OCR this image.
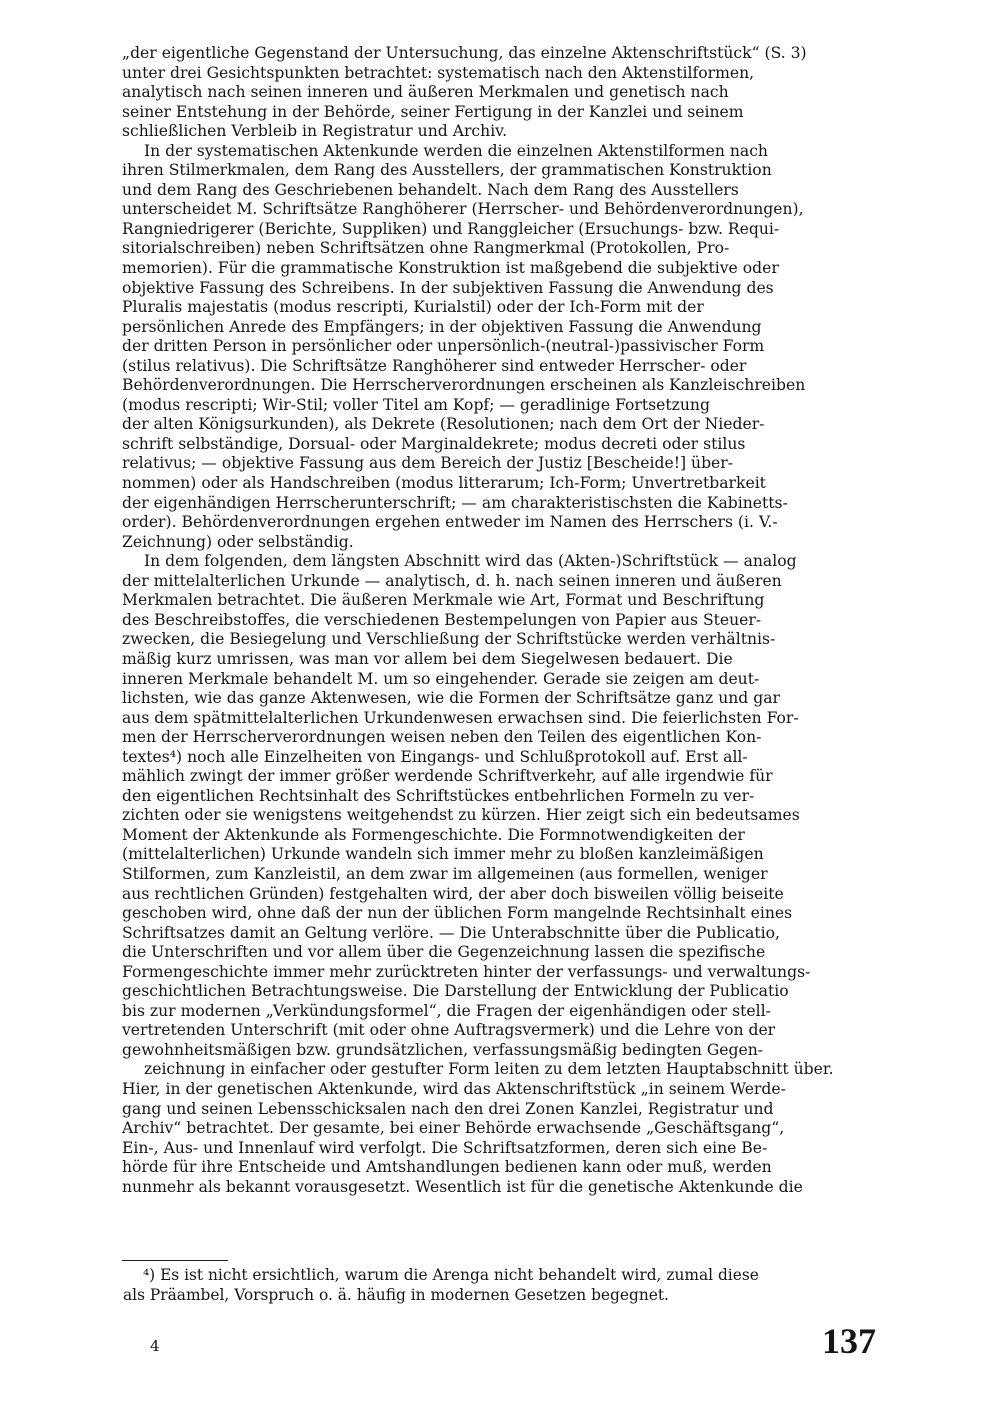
„der eigentliche Gegenstand der Untersuchung, das einzelne Aktenschriftstück“ (S. 3)
unter drei Gesichtspunkten betrachtet: systematisch nach den Aktenstilformen,
analytisch nach seinen inneren und äußeren Merkmalen und genetisch nach
seiner Entstehung in der Behörde, seiner Fertigung in der Kanzlei und seinem
schließlichen Verbleib in Registratur und Archiv.
In der systematischen Aktenkunde werden die einzelnen Aktenstilformen nach
ihren Stilmerkmalen, dem Rang des Ausstellers, der grammatischen Konstruktion
und dem Rang des Geschriebenen behandelt. Nach dem Rang des Ausstellers
unterscheidet M. Schriftsätze Ranghöherer (Herrscher- und Behördenverordnungen),
Rangniedrigerer (Berichte, Suppliken) und Ranggleicher (Ersuchungs- bzw. Requi-
sitorialschreiben) neben Schriftsätzen ohne Rangmerkmal (Protokollen, Pro-
memorien). Für die grammatische Konstruktion ist maßgebend die subjektive oder
objektive Fassung des Schreibens. In der subjektiven Fassung die Anwendung des
Pluralis majestatis (modus rescripti, Kurialstil) oder der Ich-Form mit der
persönlichen Anrede des Empfängers; in der objektiven Fassung die Anwendung
der dritten Person in persönlicher oder unpersönlich-(neutral-)passivischer Form
(stilus relativus). Die Schriftsätze Ranghöherer sind entweder Herrscher- oder
Behördenverordnungen. Die Herrscherverordnungen erscheinen als Kanzleischreiben
(modus rescripti; Wir-Stil; voller Titel am Kopf; — geradlinige Fortsetzung
der alten Königsurkunden), als Dekrete (Resolutionen; nach dem Ort der Nieder-
schrift selbständige, Dorsual- oder Marginaldekrete; modus decreti oder stilus
relativus; — objektive Fassung aus dem Bereich der Justiz [Bescheide!] über-
nommen) oder als Handschreiben (modus litterarum; Ich-Form; Unvertretbarkeit
der eigenhändigen Herrscherunterschrift; — am charakteristischsten die Kabinetts-
order). Behördenverordnungen ergehen entweder im Namen des Herrschers (i. V.-
Zeichnung) oder selbständig.
In dem folgenden, dem längsten Abschnitt wird das (Akten-)Schriftstück — analog
der mittelalterlichen Urkunde — analytisch, d. h. nach seinen inneren und äußeren
Merkmalen betrachtet. Die äußeren Merkmale wie Art, Format und Beschriftung
des Beschreibstoffes, die verschiedenen Bestempelungen von Papier aus Steuer-
zwecken, die Besiegelung und Verschließung der Schriftstücke werden verhältnis-
mäßig kurz umrissen, was man vor allem bei dem Siegelwesen bedauert. Die
inneren Merkmale behandelt M. um so eingehender. Gerade sie zeigen am deut-
lichsten, wie das ganze Aktenwesen, wie die Formen der Schriftsätze ganz und gar
aus dem spätmittelalterlichen Urkundenwesen erwachsen sind. Die feierlichsten For-
men der Herrscherverordnungen weisen neben den Teilen des eigentlichen Kon-
textes⁴) noch alle Einzelheiten von Eingangs- und Schlußprotokoll auf. Erst all-
mählich zwingt der immer größer werdende Schriftverkehr, auf alle irgendwie für
den eigentlichen Rechtsinhalt des Schriftstückes entbehrlichen Formeln zu ver-
zichten oder sie wenigstens weitgehendst zu kürzen. Hier zeigt sich ein bedeutsames
Moment der Aktenkunde als Formengeschichte. Die Formnotwendigkeiten der
(mittelalterlichen) Urkunde wandeln sich immer mehr zu bloßen kanzleimäßigen
Stilformen, zum Kanzleistil, an dem zwar im allgemeinen (aus formellen, weniger
aus rechtlichen Gründen) festgehalten wird, der aber doch bisweilen völlig beiseite
geschoben wird, ohne daß der nun der üblichen Form mangelnde Rechtsinhalt eines
Schriftsatzes damit an Geltung verlöre. — Die Unterabschnitte über die Publicatio,
die Unterschriften und vor allem über die Gegenzeichnung lassen die spezifische
Formengeschichte immer mehr zurücktreten hinter der verfassungs- und verwaltungs-
geschichtlichen Betrachtungsweise. Die Darstellung der Entwicklung der Publicatio
bis zur modernen „Verkündungsformel“, die Fragen der eigenhändigen oder stell-
vertretenden Unterschrift (mit oder ohne Auftragsvermerk) und die Lehre von der
gewohnheitsmäßigen bzw. grundsätzlichen, verfassungsmäßig bedingten Gegen-
zeichnung in einfacher oder gestufter Form leiten zu dem letzten Hauptabschnitt über.
Hier, in der genetischen Aktenkunde, wird das Aktenschriftstück „in seinem Werde-
gang und seinen Lebensschicksalen nach den drei Zonen Kanzlei, Registratur und
Archiv“ betrachtet. Der gesamte, bei einer Behörde erwachsende „Geschäftsgang“,
Ein-, Aus- und Innenlauf wird verfolgt. Die Schriftsatzformen, deren sich eine Be-
hörde für ihre Entscheide und Amtshandlungen bedienen kann oder muß, werden
nunmehr als bekannt vorausgesetzt. Wesentlich ist für die genetische Aktenkunde die
⁴) Es ist nicht ersichtlich, warum die Arenga nicht behandelt wird, zumal diese
als Präambel, Vorspruch o. ä. häufig in modernen Gesetzen begegnet.
4	137
